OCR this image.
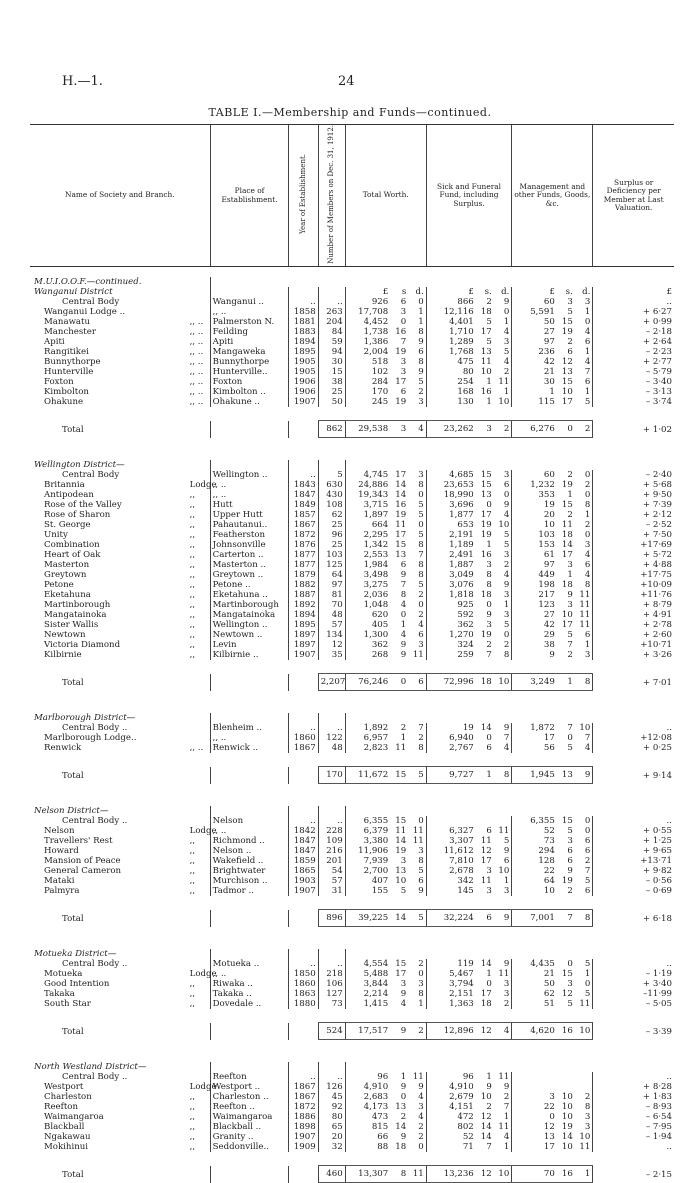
H.—1.	24
TABLE I.—Membership and Funds—continued.
Name of Society and Branch.		Place of Establishment.	Year of Establishment.	Number of Members on Dec. 31, 1912.	Total Worth.			Sick and Funeral Fund, including Surplus.			Management and other Funds, Goods, &c.			Surplus or Deficiency per Member at Last Valuation.

M.U.I.O.O.F.—continued.														
Wanganui District					£	s	d.	£	s.	d.	£	s.	d.	£
Central Body		Wanganui ..	..	..	926	6	0	866	2	9	60	3	3	..
Wanganui Lodge ..		,, ..	1858	263	17,708	3	1	12,116	18	0	5,591	5	1	+ 6·27
Manawatu	,, ..	Palmerston N.	1881	204	4,452	0	1	4,401	5	1	50	15	0	+ 0·99
Manchester	,, ..	Feilding	1883	84	1,738	16	8	1,710	17	4	27	19	4	– 2·18
Apiti	,, ..	Apiti	1894	59	1,386	7	9	1,289	5	3	97	2	6	+ 2·64
Rangitikei	,, ..	Mangaweka	1895	94	2,004	19	6	1,768	13	5	236	6	1	– 2·23
Bunnythorpe	,, ..	Bunnythorpe	1905	30	518	3	8	475	11	4	42	12	4	+ 2·77
Hunterville	,, ..	Hunterville..	1905	15	102	3	9	80	10	2	21	13	7	– 5·79
Foxton	,, ..	Foxton	1906	38	284	17	5	254	1	11	30	15	6	– 3·40
Kimbolton	,, ..	Kimbolton ..	1906	25	170	6	2	168	16	1	1	10	1	– 3·13
Ohakune	,, ..	Ohakune ..	1907	50	245	19	3	130	1	10	115	17	5	– 3·74

Total				862	29,538	3	4	23,262	3	2	6,276	0	2	+ 1·02

Wellington District—														
Central Body		Wellington ..	..	5	4,745	17	3	4,685	15	3	60	2	0	– 2·40
Britannia	Lodge	,, ..	1843	630	24,886	14	8	23,653	15	6	1,232	19	2	+ 5·68
Antipodean	,,	,, ..	1847	430	19,343	14	0	18,990	13	0	353	1	0	+ 9·50
Rose of the Valley	,,	Hutt	1849	108	3,715	16	5	3,696	0	9	19	15	8	+ 7·39
Rose of Sharon	,,	Upper Hutt	1857	62	1,897	19	5	1,877	17	4	20	2	1	+ 2·12
St. George	,,	Pahautanui..	1867	25	664	11	0	653	19	10	10	11	2	– 2·52
Unity	,,	Featherston	1872	96	2,295	17	5	2,191	19	5	103	18	0	+ 7·50
Combination	,,	Johnsonville	1876	25	1,342	15	8	1,189	1	5	153	14	3	+17·69
Heart of Oak	,,	Carterton ..	1877	103	2,553	13	7	2,491	16	3	61	17	4	+ 5·72
Masterton	,,	Masterton ..	1877	125	1,984	6	8	1,887	3	2	97	3	6	+ 4·88
Greytown	,,	Greytown ..	1879	64	3,498	9	8	3,049	8	4	449	1	4	+17·75
Petone	,,	Petone ..	1882	97	3,275	7	5	3,076	8	9	198	18	8	+10·09
Eketahuna	,,	Eketahuna ..	1887	81	2,036	8	2	1,818	18	3	217	9	11	+11·76
Martinborough	,,	Martinborough	1892	70	1,048	4	0	925	0	1	123	3	11	+ 8·79
Mangatainoka	,,	Mangatainoka	1894	48	620	0	2	592	9	3	27	10	11	+ 4·91
Sister Wallis	,,	Wellington ..	1895	57	405	1	4	362	3	5	42	17	11	+ 2·78
Newtown	,,	Newtown ..	1897	134	1,300	4	6	1,270	19	0	29	5	6	+ 2·60
Victoria Diamond	,,	Levin	1897	12	362	9	3	324	2	2	38	7	1	+10·71
Kilbirnie	,,	Kilbirnie ..	1907	35	268	9	11	259	7	8	9	2	3	+ 3·26

Total				2,207	76,246	0	6	72,996	18	10	3,249	1	8	+ 7·01

Marlborough District—														
Central Body ..		Blenheim ..	..	..	1,892	2	7	19	14	9	1,872	7	10	..
Marlborough Lodge..		,, ..	1860	122	6,957	1	2	6,940	0	7	17	0	7	+12·08
Renwick	,, ..	Renwick ..	1867	48	2,823	11	8	2,767	6	4	56	5	4	+ 0·25

Total				170	11,672	15	5	9,727	1	8	1,945	13	9	+ 9·14

Nelson District—														
Central Body ..		Nelson	..	..	6,355	15	0				6,355	15	0	..
Nelson	Lodge	,, ..	1842	228	6,379	11	11	6,327	6	11	52	5	0	+ 0·55
Travellers' Rest	,,	Richmond ..	1847	109	3,380	14	11	3,307	11	5	73	3	6	+ 1·25
Howard	,,	Nelson ..	1847	216	11,906	19	3	11,612	12	9	294	6	6	+ 9·65
Mansion of Peace	,,	Wakefield ..	1859	201	7,939	3	8	7,810	17	6	128	6	2	+13·71
General Cameron	,,	Brightwater	1865	54	2,700	13	5	2,678	3	10	22	9	7	+ 9·82
Mataki	,,	Murchison ..	1903	57	407	10	6	342	11	1	64	19	5	– 0·56
Palmyra	,,	Tadmor ..	1907	31	155	5	9	145	3	3	10	2	6	– 0·69

Total				896	39,225	14	5	32,224	6	9	7,001	7	8	+ 6·18

Motueka District—														
Central Body ..		Motueka ..	..	..	4,554	15	2	119	14	9	4,435	0	5	..
Motueka	Lodge	,, ..	1850	218	5,488	17	0	5,467	1	11	21	15	1	– 1·19
Good Intention	,,	Riwaka ..	1860	106	3,844	3	3	3,794	0	3	50	3	0	+ 3·40
Takaka	,,	Takaka ..	1863	127	2,214	9	8	2,151	17	3	62	12	5	–11·99
South Star	,,	Dovedale ..	1880	73	1,415	4	1	1,363	18	2	51	5	11	– 5·05

Total				524	17,517	9	2	12,896	12	4	4,620	16	10	– 3·39

North Westland District—														
Central Body ..		Reefton	..	..	96	1	11	96	1	11				..
Westport	Lodge	Westport ..	1867	126	4,910	9	9	4,910	9	9				+ 8·28
Charleston	,,	Charleston ..	1867	45	2,683	0	4	2,679	10	2	3	10	2	+ 1·83
Reefton	,,	Reefton ..	1872	92	4,173	13	3	4,151	2	7	22	10	8	– 8·93
Waimangaroa	,,	Waimangaroa	1886	80	473	2	4	472	12	1	0	10	3	– 6·54
Blackball	,,	Blackball ..	1898	65	815	14	2	802	14	11	12	19	3	– 7·95
Ngakawau	,,	Granity ..	1907	20	66	9	2	52	14	4	13	14	10	– 1·94
Mokihinui	,,	Seddonville..	1909	32	88	18	0	71	7	1	17	10	11	..

Total				460	13,307	8	11	13,236	12	10	70	16	1	– 2·15
